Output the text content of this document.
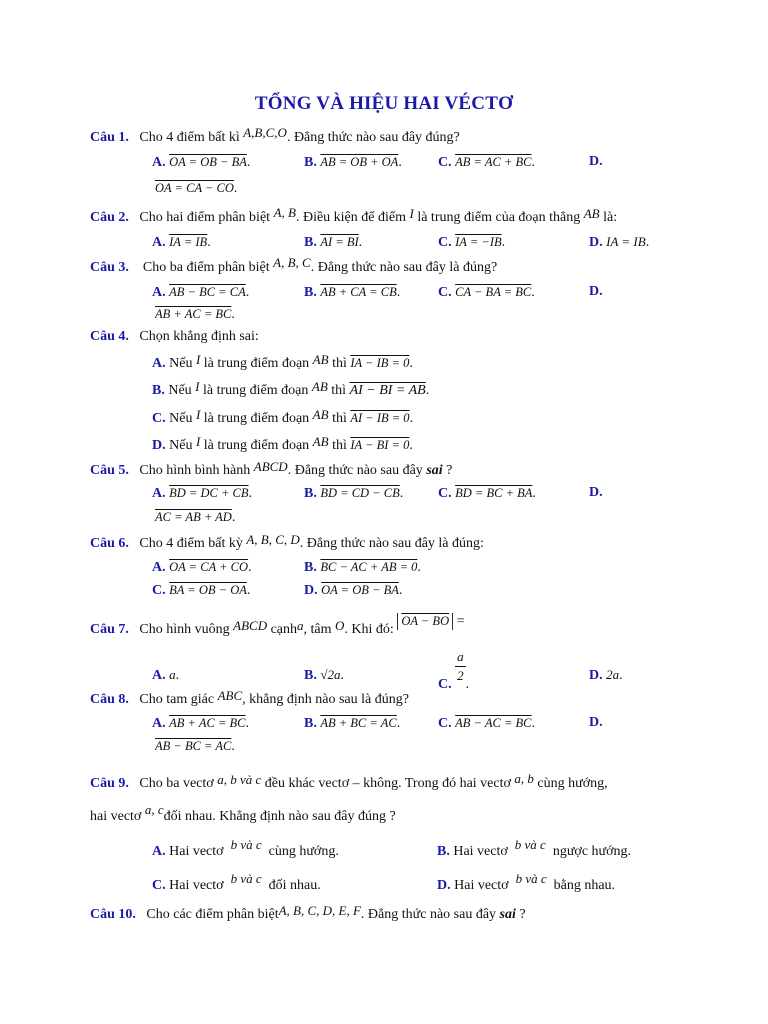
TỔNG VÀ HIỆU HAI VÉCTƠ
Câu 1. Cho 4 điểm bất kì A,B,C,O. Đẳng thức nào sau đây đúng?
A. OA = OB − BA.	B. AB = OB + OA.	C. AB = AC + BC.	D.
OA = CA − CO.
Câu 2. Cho hai điểm phân biệt A, B. Điều kiện để điểm I là trung điểm của đoạn thẳng AB là:
A. IA = IB.	B. AI = BI.	C. IA = −IB.	D. IA = IB.
Câu 3. Cho ba điểm phân biệt A, B, C. Đẳng thức nào sau đây là đúng?
A. AB − BC = CA.	B. AB + CA = CB.	C. CA − BA = BC.	D.
AB + AC = BC.
Câu 4. Chọn khẳng định sai:
A. Nếu I là trung điểm đoạn AB thì IA − IB = 0.
B. Nếu I là trung điểm đoạn AB thì AI − BI = AB.
C. Nếu I là trung điểm đoạn AB thì AI − IB = 0.
D. Nếu I là trung điểm đoạn AB thì IA − BI = 0.
Câu 5. Cho hình bình hành ABCD. Đẳng thức nào sau đây sai ?
A. BD = DC + CB.	B. BD = CD − CB. C. BD = BC + BA.	D.
AC = AB + AD.
Câu 6. Cho 4 điểm bất kỳ A, B, C, D. Đẳng thức nào sau đây là đúng:
A. OA = CA + CO.	B. BC − AC + AB = 0.
C. BA = OB − OA.	D. OA = OB − BA.
Câu 7. Cho hình vuông ABCD cạnha, tâm O. Khi đó: OA − BO =
A. a.	B. √2a.
C. $\frac{a}{2}$ .
D. 2a.
Câu 8. Cho tam giác ABC, khẳng định nào sau là đúng?
A. AB + AC = BC.	B. AB + BC = AC.	C. AB − AC = BC.	D.
AB − BC = AC.
Câu 9. Cho ba vectơ a, b và c đều khác vectơ – không. Trong đó hai vectơ a, b cùng hướng,
hai vectơ a, cđối nhau. Khẳng định nào sau đây đúng ?
A. Hai vectơ b và c cùng hướng.	B. Hai vectơ b và c ngược hướng.
C. Hai vectơ b và c đối nhau.	D. Hai vectơ b và c bằng nhau.
Câu 10. Cho các điểm phân biệtA, B, C, D, E, F. Đẳng thức nào sau đây sai ?
